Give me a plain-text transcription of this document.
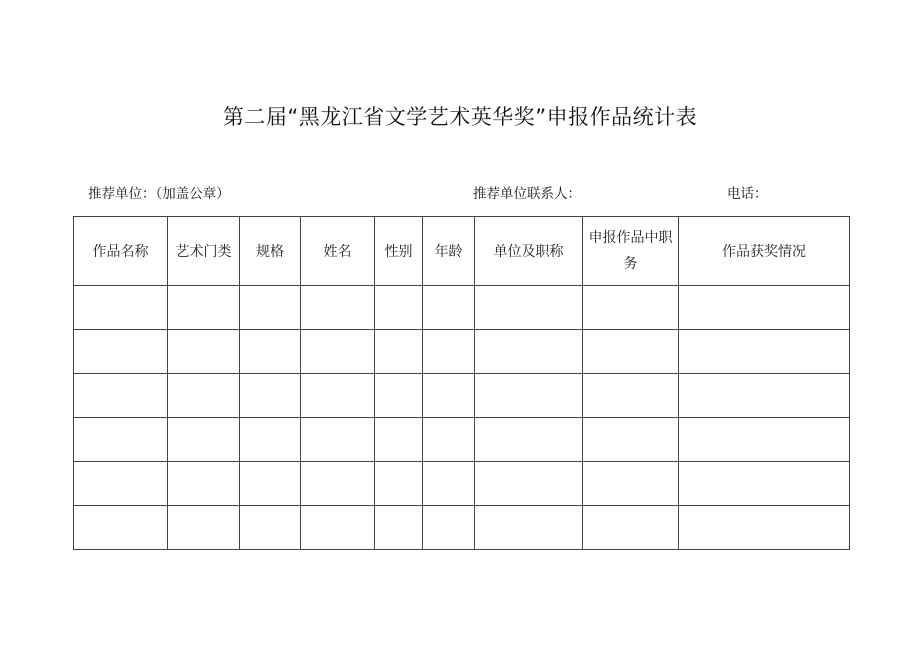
第二届“黑龙江省文学艺术英华奖”申报作品统计表
推荐单位：（加盖公章）	推荐单位联系人：	电话：
作品名称	艺术门类	规格	姓名	性别	年龄	单位及职称	申报作品中职务	作品获奖情况
